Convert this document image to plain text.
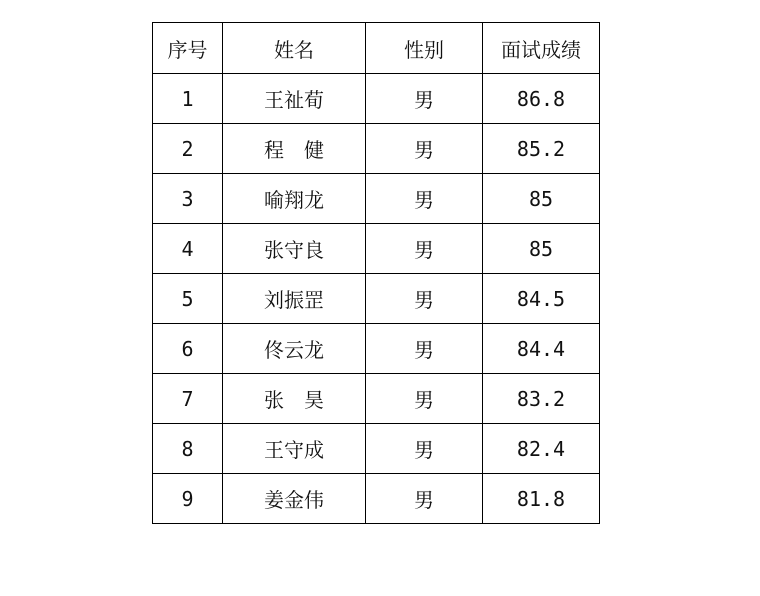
序号	姓名	性别	面试成绩
1	王祉荀	男	86.8
2	程　健	男	85.2
3	喻翔龙	男	85
4	张守良	男	85
5	刘振罡	男	84.5
6	佟云龙	男	84.4
7	张　昊	男	83.2
8	王守成	男	82.4
9	姜金伟	男	81.8
